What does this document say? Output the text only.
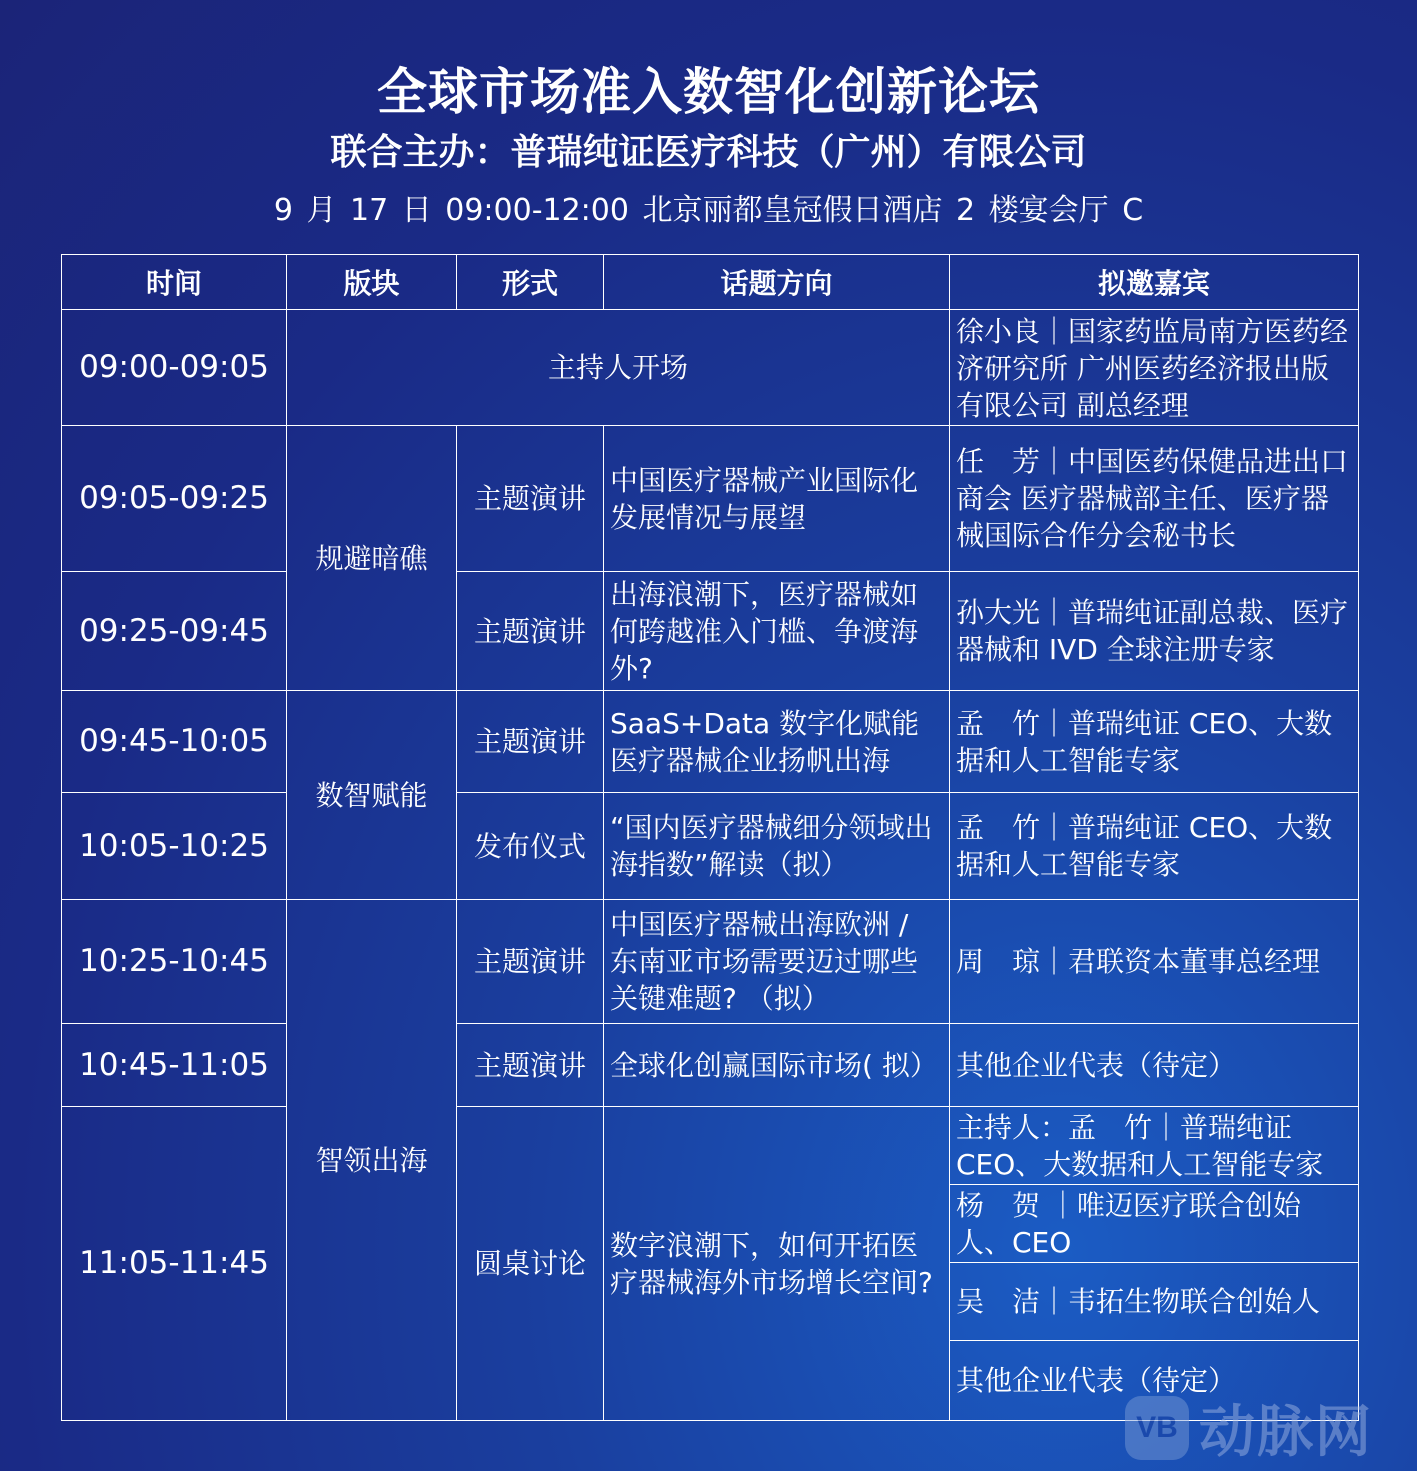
全球市场准入数智化创新论坛
联合主办：普瑞纯证医疗科技（广州）有限公司
9 月 17 日 09:00-12:00 北京丽都皇冠假日酒店 2 楼宴会厅 C
时间	版块	形式	话题方向	拟邀嘉宾
09:00-09:05	主持人开场			徐小良｜国家药监局南方医药经济研究所 广州医药经济报出版有限公司 副总经理
09:05-09:25	规避暗礁	主题演讲	中国医疗器械产业国际化发展情况与展望	任　芳｜中国医药保健品进出口商会 医疗器械部主任、医疗器械国际合作分会秘书长
09:25-09:45		主题演讲	出海浪潮下，医疗器械如何跨越准入门槛、争渡海外?	孙大光｜普瑞纯证副总裁、医疗器械和 IVD 全球注册专家
09:45-10:05	数智赋能	主题演讲	SaaS+Data 数字化赋能医疗器械企业扬帆出海	孟　竹｜普瑞纯证 CEO、大数据和人工智能专家
10:05-10:25		发布仪式	“国内医疗器械细分领域出海指数”解读（拟）	孟　竹｜普瑞纯证 CEO、大数据和人工智能专家
10:25-10:45	智领出海	主题演讲	中国医疗器械出海欧洲 / 东南亚市场需要迈过哪些关键难题? （拟）	周　琼｜君联资本董事总经理
10:45-11:05		主题演讲	全球化创赢国际市场( 拟）	其他企业代表（待定）
11:05-11:45		圆桌讨论	数字浪潮下，如何开拓医疗器械海外市场增长空间?	主持人：孟　竹｜普瑞纯证 CEO、大数据和人工智能专家
杨　贺 ｜唯迈医疗联合创始人、CEO
吴　洁｜韦拓生物联合创始人
其他企业代表（待定）
VB 动脉网
